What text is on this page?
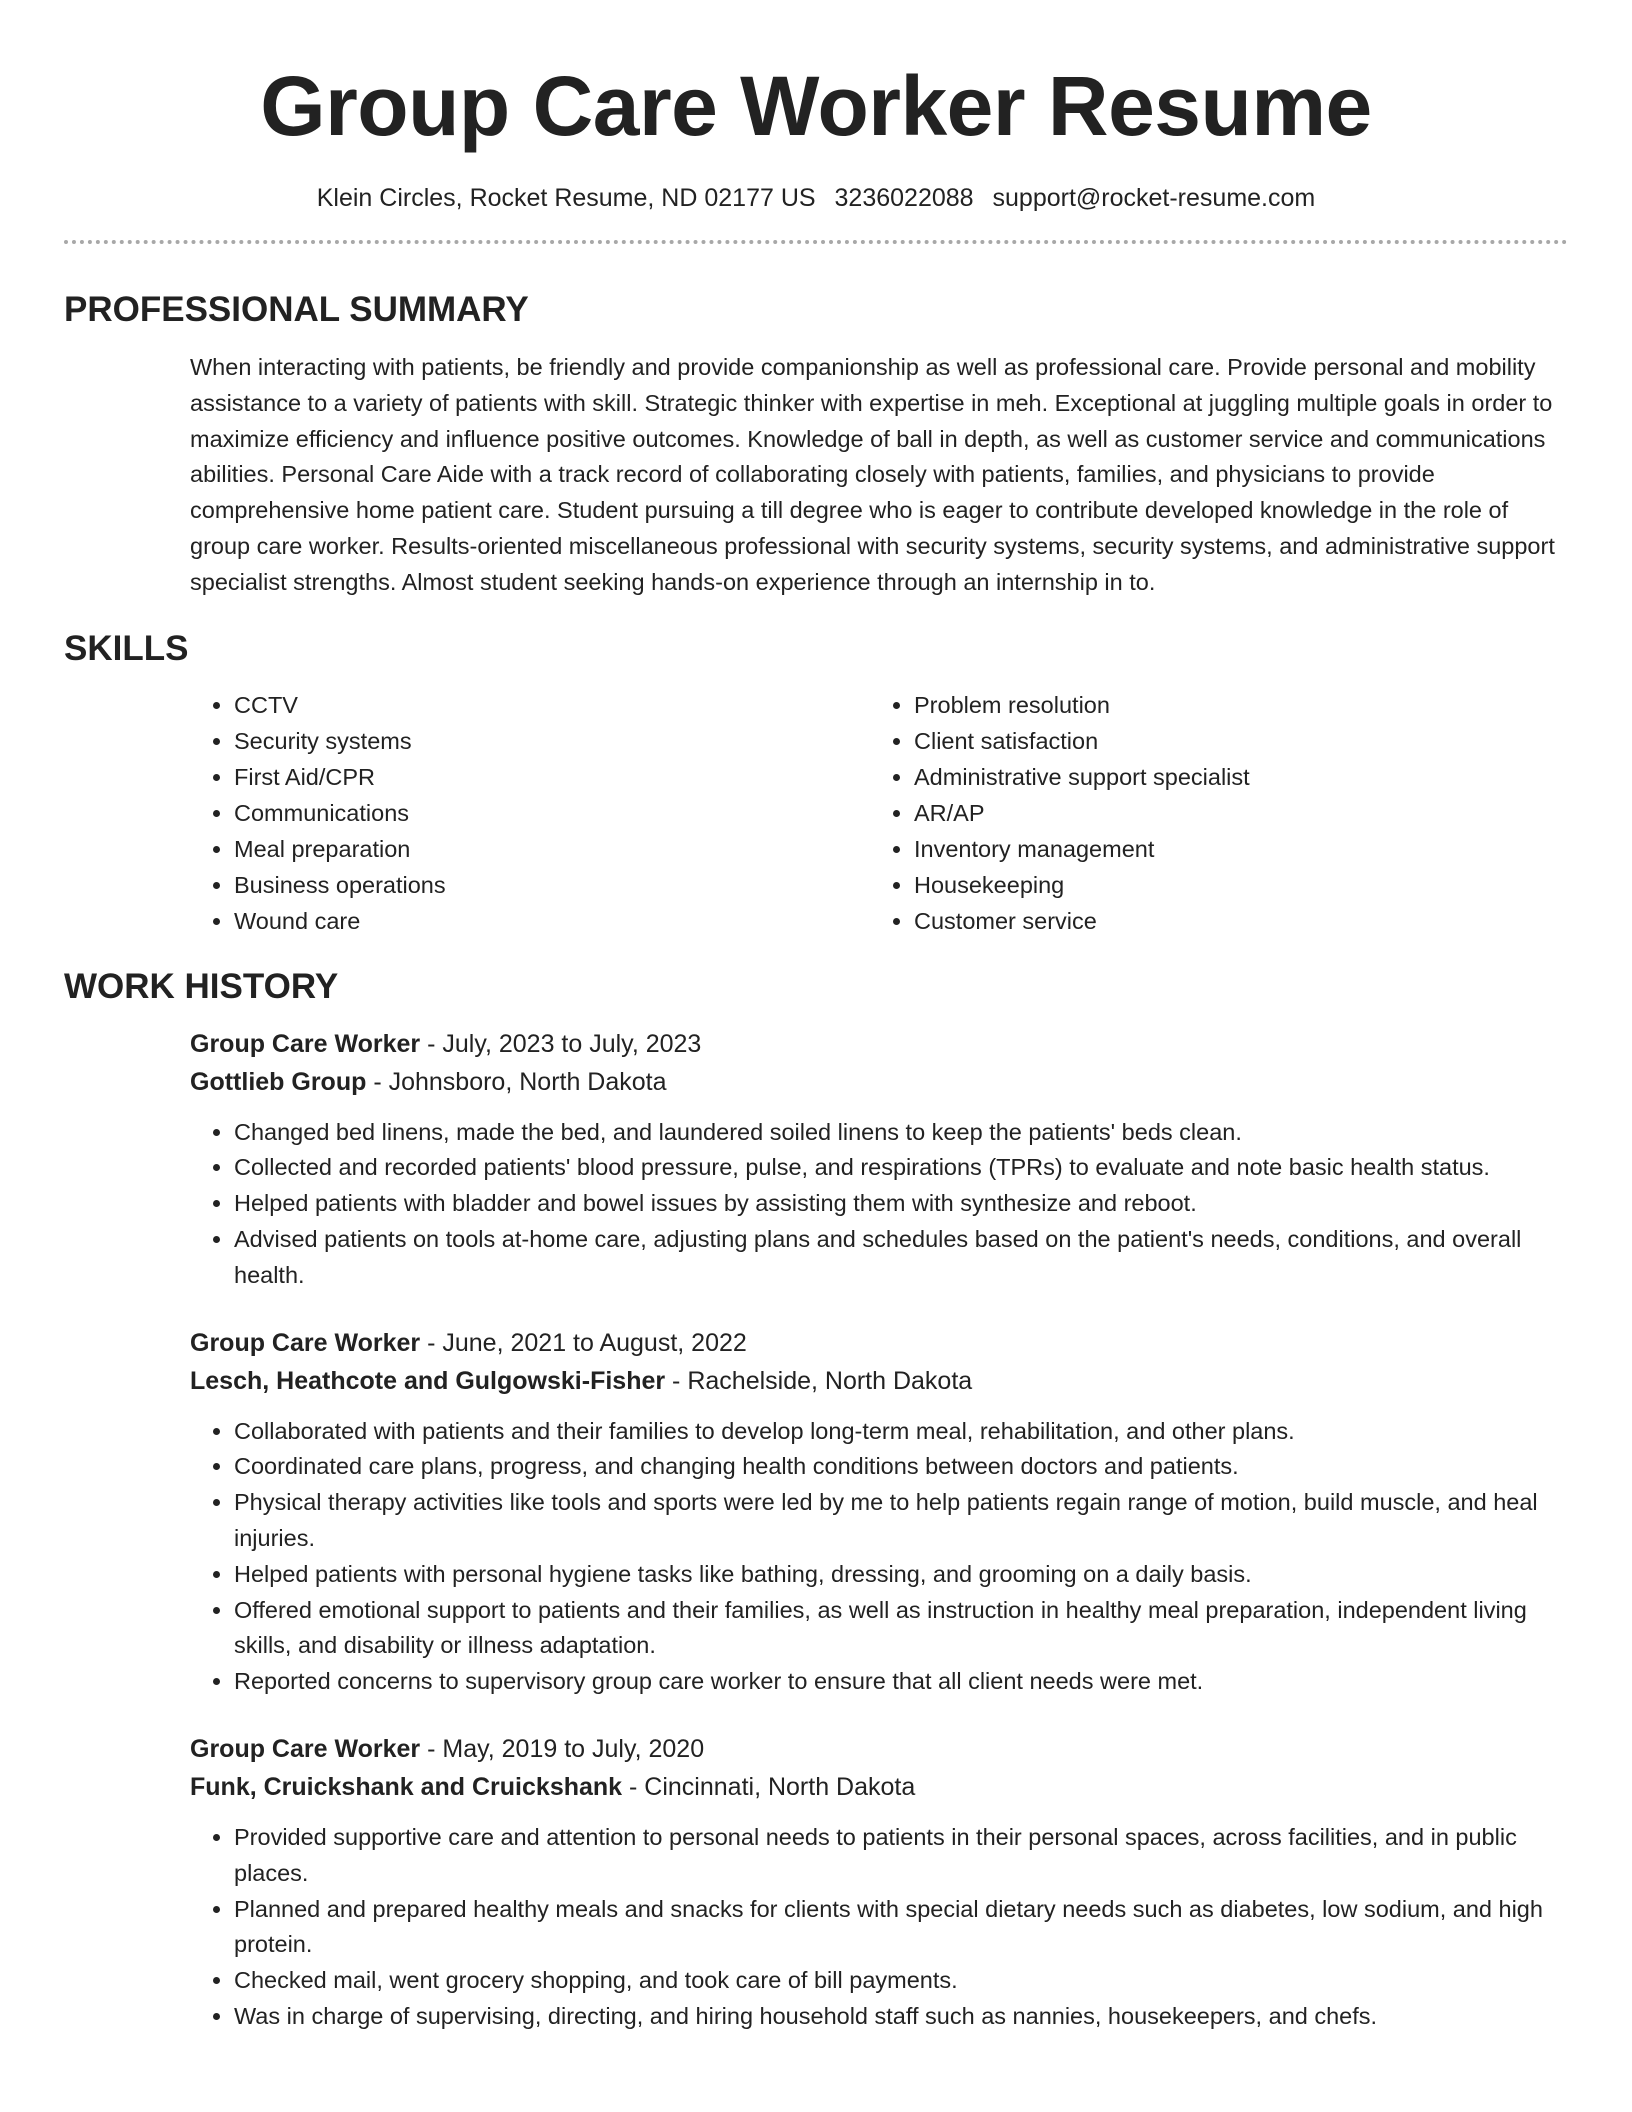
Group Care Worker Resume
Klein Circles, Rocket Resume, ND 02177 US 3236022088 support@rocket-resume.com
PROFESSIONAL SUMMARY

When interacting with patients, be friendly and provide companionship as well as professional care. Provide personal and mobility assistance to a variety of patients with skill. Strategic thinker with expertise in meh. Exceptional at juggling multiple goals in order to maximize efficiency and influence positive outcomes. Knowledge of ball in depth, as well as customer service and communications abilities. Personal Care Aide with a track record of collaborating closely with patients, families, and physicians to provide comprehensive home patient care. Student pursuing a till degree who is eager to contribute developed knowledge in the role of group care worker. Results-oriented miscellaneous professional with security systems, security systems, and administrative support specialist strengths. Almost student seeking hands-on experience through an internship in to.

SKILLS
• CCTV
• Security systems
• First Aid/CPR
• Communications
• Meal preparation
• Business operations
• Wound care
• Problem resolution
• Client satisfaction
• Administrative support specialist
• AR/AP
• Inventory management
• Housekeeping
• Customer service
WORK HISTORY
Group Care Worker - July, 2023 to July, 2023
Gottlieb Group - Johnsboro, North Dakota
• Changed bed linens, made the bed, and laundered soiled linens to keep the patients' beds clean.
• Collected and recorded patients' blood pressure, pulse, and respirations (TPRs) to evaluate and note basic health status.
• Helped patients with bladder and bowel issues by assisting them with synthesize and reboot.
• Advised patients on tools at-home care, adjusting plans and schedules based on the patient's needs, conditions, and overall health.
Group Care Worker - June, 2021 to August, 2022
Lesch, Heathcote and Gulgowski-Fisher - Rachelside, North Dakota
• Collaborated with patients and their families to develop long-term meal, rehabilitation, and other plans.
• Coordinated care plans, progress, and changing health conditions between doctors and patients.
• Physical therapy activities like tools and sports were led by me to help patients regain range of motion, build muscle, and heal injuries.
• Helped patients with personal hygiene tasks like bathing, dressing, and grooming on a daily basis.
• Offered emotional support to patients and their families, as well as instruction in healthy meal preparation, independent living skills, and disability or illness adaptation.
• Reported concerns to supervisory group care worker to ensure that all client needs were met.
Group Care Worker - May, 2019 to July, 2020
Funk, Cruickshank and Cruickshank - Cincinnati, North Dakota
• Provided supportive care and attention to personal needs to patients in their personal spaces, across facilities, and in public places.
• Planned and prepared healthy meals and snacks for clients with special dietary needs such as diabetes, low sodium, and high protein.
• Checked mail, went grocery shopping, and took care of bill payments.
• Was in charge of supervising, directing, and hiring household staff such as nannies, housekeepers, and chefs.
